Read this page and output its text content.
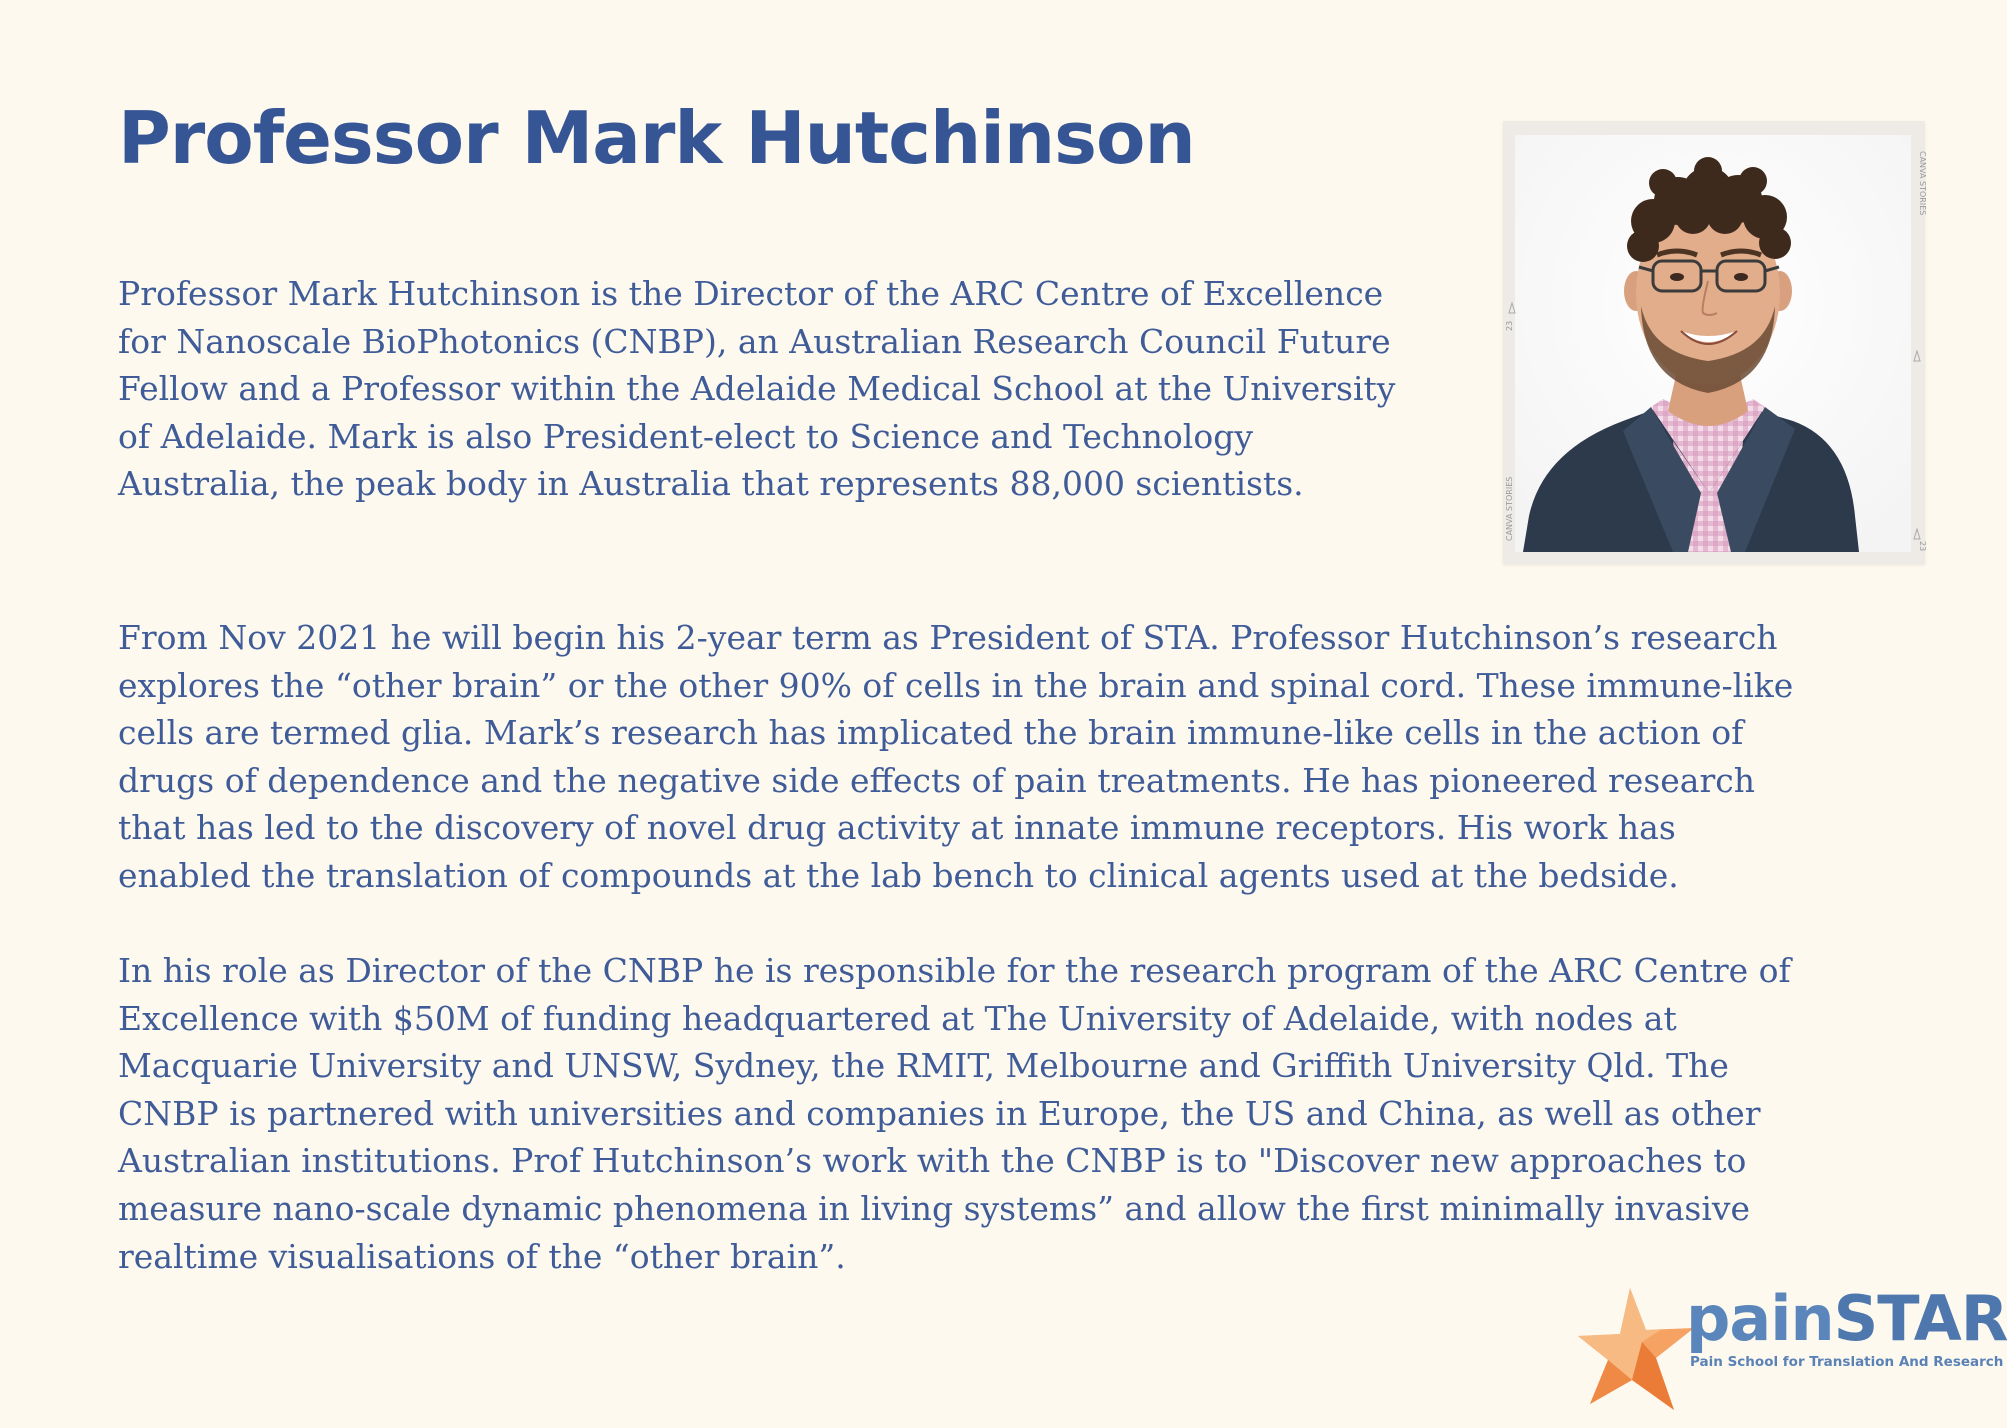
Professor Mark Hutchinson

Professor Mark Hutchinson is the Director of the ARC Centre of Excellence
for Nanoscale BioPhotonics (CNBP), an Australian Research Council Future
Fellow and a Professor within the Adelaide Medical School at the University
of Adelaide. Mark is also President-elect to Science and Technology
Australia, the peak body in Australia that represents 88,000 scientists.

From Nov 2021 he will begin his 2-year term as President of STA. Professor Hutchinson’s research
explores the “other brain” or the other 90% of cells in the brain and spinal cord. These immune-like
cells are termed glia. Mark’s research has implicated the brain immune-like cells in the action of
drugs of dependence and the negative side effects of pain treatments. He has pioneered research
that has led to the discovery of novel drug activity at innate immune receptors. His work has
enabled the translation of compounds at the lab bench to clinical agents used at the bedside.

In his role as Director of the CNBP he is responsible for the research program of the ARC Centre of
Excellence with $50M of funding headquartered at The University of Adelaide, with nodes at
Macquarie University and UNSW, Sydney, the RMIT, Melbourne and Griffith University Qld. The
CNBP is partnered with universities and companies in Europe, the US and China, as well as other
Australian institutions. Prof Hutchinson’s work with the CNBP is to "Discover new approaches to
measure nano-scale dynamic phenomena in living systems” and allow the first minimally invasive
realtime visualisations of the “other brain”.

CANVA STORIES
23
CANVA STORIES
23
painSTAR
Pain School for Translation And Research
